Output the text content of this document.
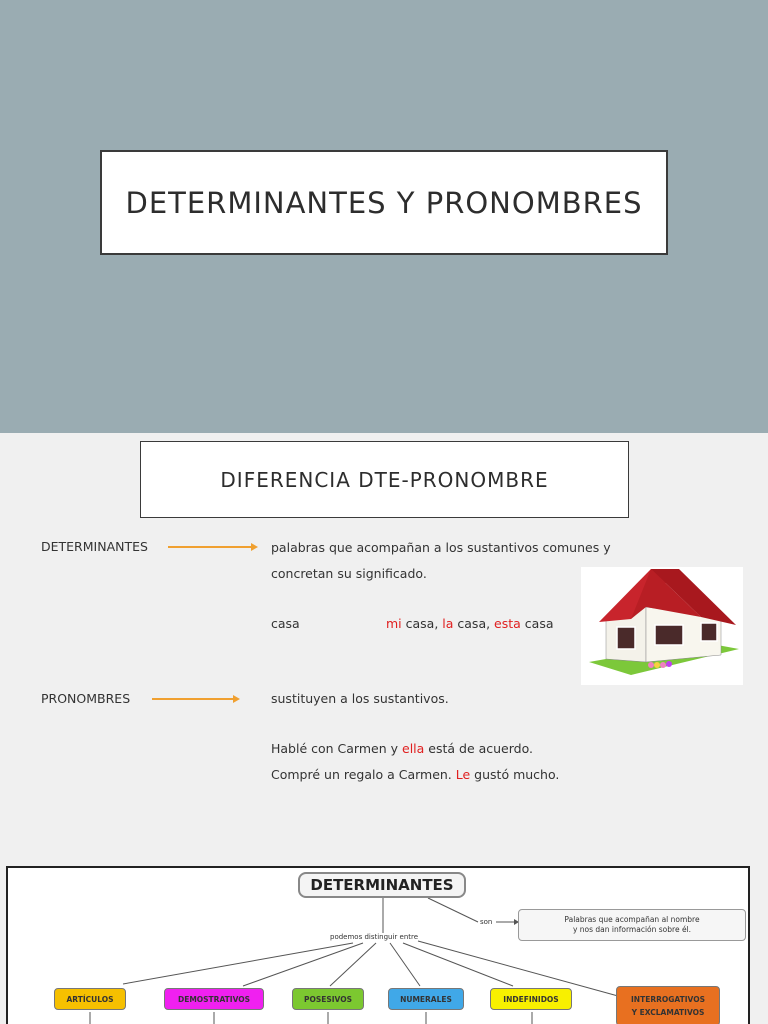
DETERMINANTES Y PRONOMBRES
DIFERENCIA DTE-PRONOMBRE
DETERMINANTES	palabras que acompañan a los sustantivos comunes y
concretan su significado.
casa	mi casa, la casa, esta casa
PRONOMBRES	sustituyen a los sustantivos.
Hablé con Carmen y ella está de acuerdo.
Compré un regalo a Carmen. Le gustó mucho.
DETERMINANTES
son
podemos distinguir entre
Palabras que acompañan al nombre
y nos dan información sobre él.
ARTÍCULOS	DEMOSTRATIVOS	POSESIVOS	NUMERALES	INDEFINIDOS	INTERROGATIVOS
Y EXCLAMATIVOS
